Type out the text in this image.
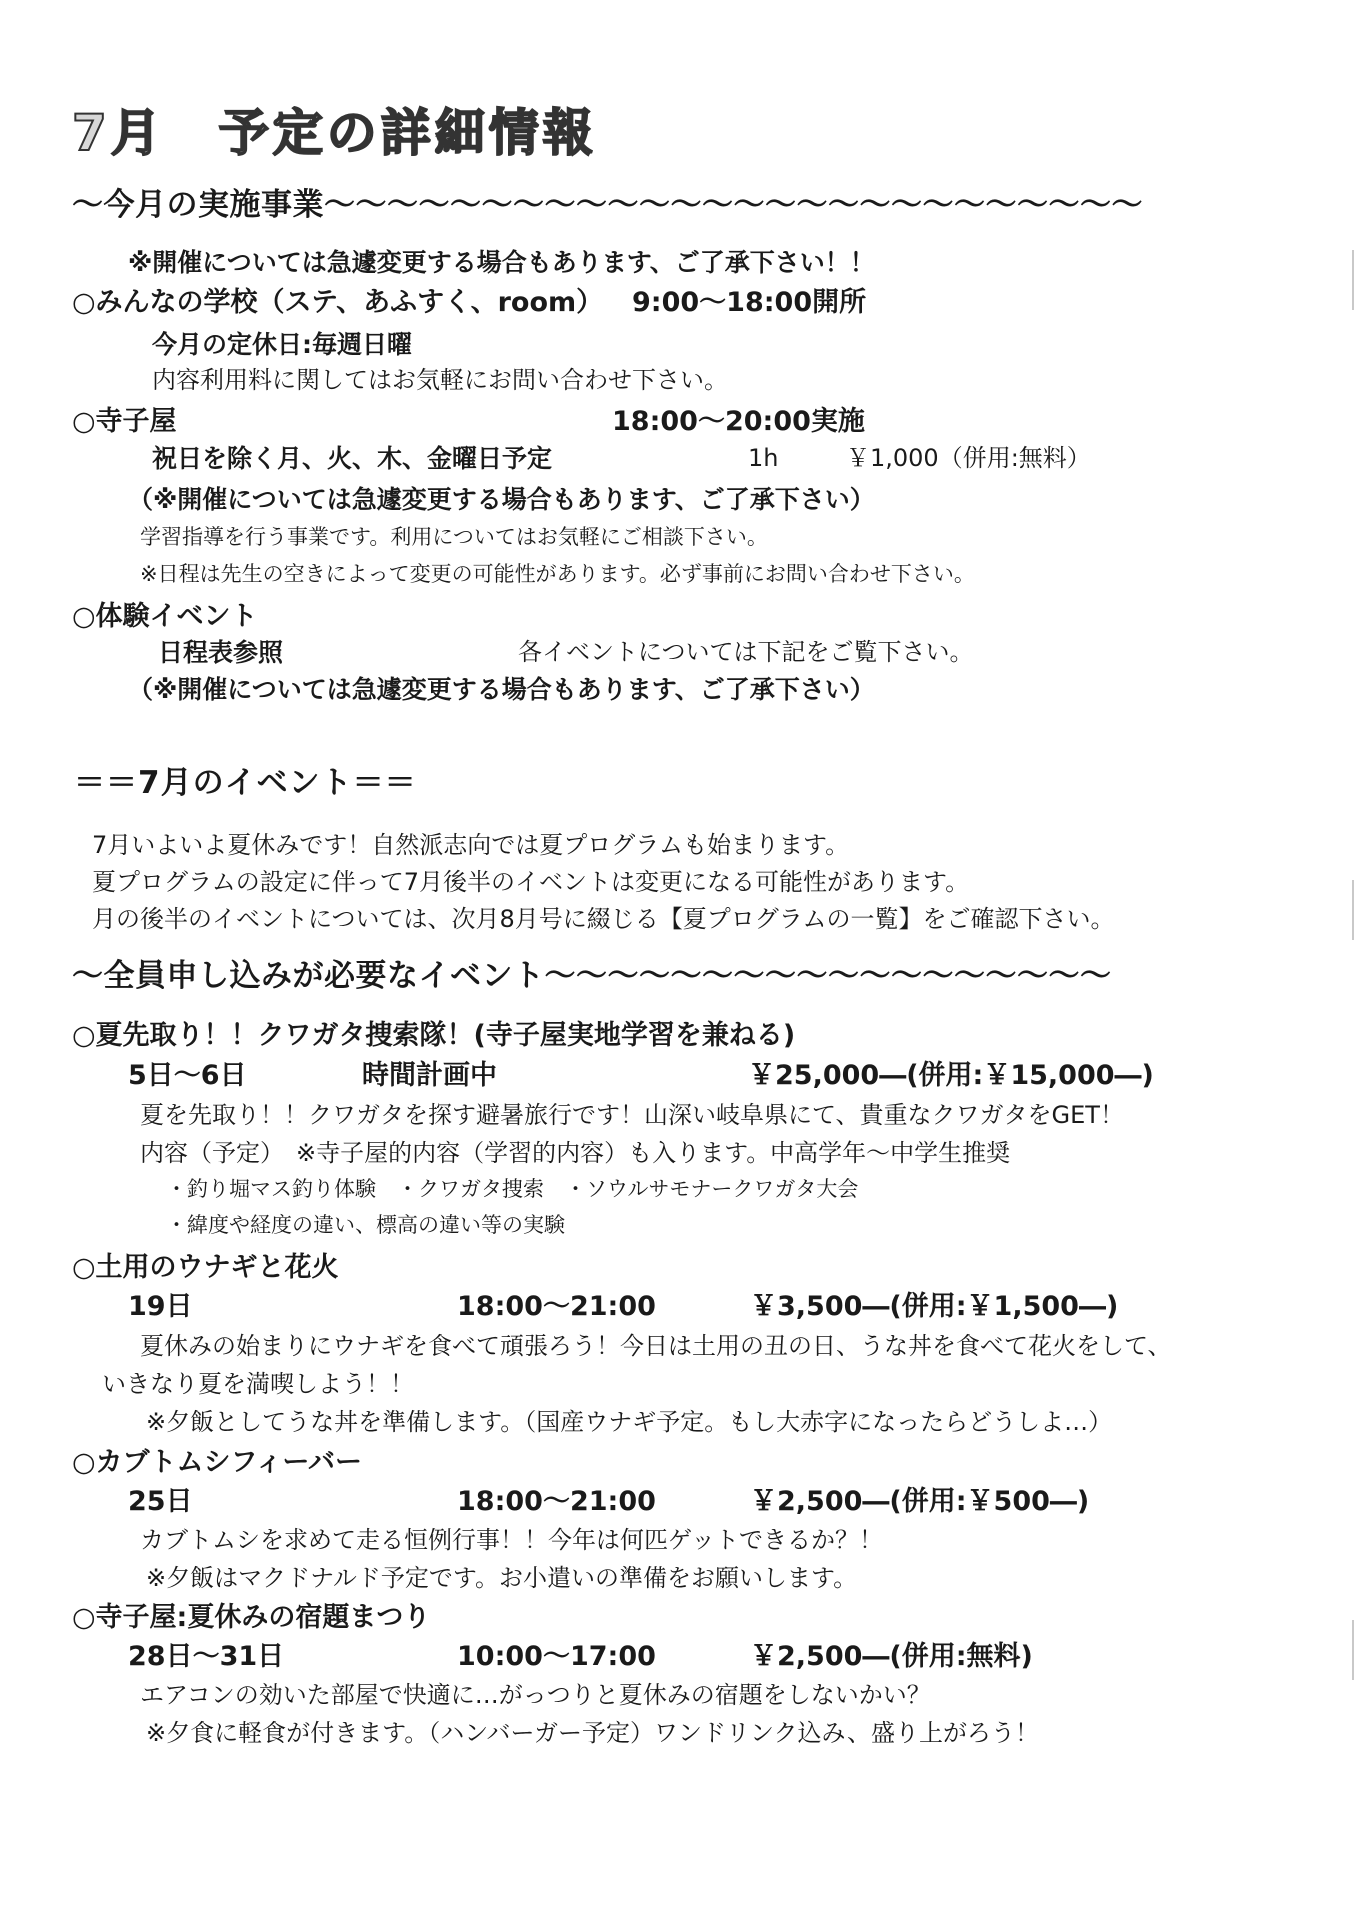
7月　予定の詳細情報
～今月の実施事業～～～～～～～～～～～～～～～～～～～～～～～～～～
※開催については急遽変更する場合もあります、ご了承下さい！！
○みんなの学校（ステ、あふすく、room） 9:00～18:00開所
今月の定休日:毎週日曜
内容利用料に関してはお気軽にお問い合わせ下さい。
○寺子屋	18:00～20:00実施
祝日を除く月、火、木、金曜日予定	1h	￥1,000（併用:無料）
（※開催については急遽変更する場合もあります、ご了承下さい）
学習指導を行う事業です。利用についてはお気軽にご相談下さい。
※日程は先生の空きによって変更の可能性があります。必ず事前にお問い合わせ下さい。
○体験イベント
日程表参照	各イベントについては下記をご覧下さい。
（※開催については急遽変更する場合もあります、ご了承下さい）
＝＝7月のイベント＝＝
7月いよいよ夏休みです！自然派志向では夏プログラムも始まります。
夏プログラムの設定に伴って7月後半のイベントは変更になる可能性があります。
月の後半のイベントについては、次月8月号に綴じる【夏プログラムの一覧】をご確認下さい。
～全員申し込みが必要なイベント～～～～～～～～～～～～～～～～～～
○夏先取り！！クワガタ捜索隊！(寺子屋実地学習を兼ねる)
5日～6日	時間計画中	￥25,000―(併用:￥15,000―)
夏を先取り！！クワガタを探す避暑旅行です！山深い岐阜県にて、貴重なクワガタをGET！
内容（予定）　※寺子屋的内容（学習的内容）も入ります。中高学年～中学生推奨
・釣り堀マス釣り体験　・クワガタ捜索　・ソウルサモナークワガタ大会
・緯度や経度の違い、標高の違い等の実験
○土用のウナギと花火
19日	18:00～21:00	￥3,500―(併用:￥1,500―)
夏休みの始まりにウナギを食べて頑張ろう！今日は土用の丑の日、うな丼を食べて花火をして、
いきなり夏を満喫しよう！！
※夕飯としてうな丼を準備します。（国産ウナギ予定。もし大赤字になったらどうしよ…）
○カブトムシフィーバー
25日	18:00～21:00	￥2,500―(併用:￥500―)
カブトムシを求めて走る恒例行事！！今年は何匹ゲットできるか？！
※夕飯はマクドナルド予定です。お小遣いの準備をお願いします。
○寺子屋:夏休みの宿題まつり
28日～31日	10:00～17:00	￥2,500―(併用:無料)
エアコンの効いた部屋で快適に…がっつりと夏休みの宿題をしないかい？
※夕食に軽食が付きます。（ハンバーガー予定）ワンドリンク込み、盛り上がろう！
